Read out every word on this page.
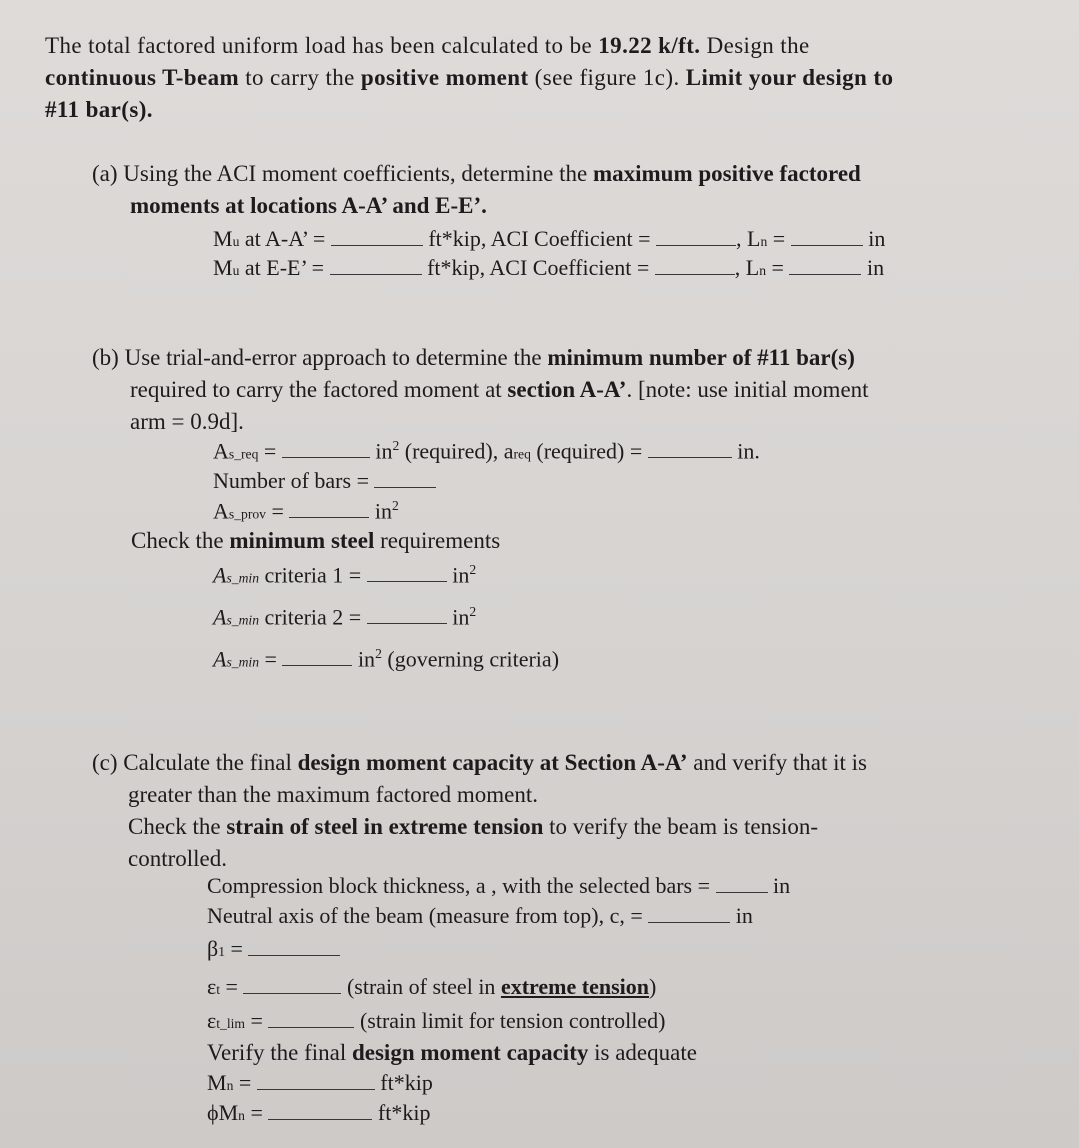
The total factored uniform load has been calculated to be 19.22 k/ft. Design the
continuous T-beam to carry the positive moment (see figure 1c). Limit your design to
#11 bar(s).
(a) Using the ACI moment coefficients, determine the maximum positive factored
moments at locations A-A’ and E-E’.
Mu at A-A’ =	ft*kip, ACI Coefficient =	, Ln =	in
Mu at E-E’ =	ft*kip, ACI Coefficient =	, Ln =	in
(b) Use trial-and-error approach to determine the minimum number of #11 bar(s)
required to carry the factored moment at section A-A’. [note: use initial moment
arm = 0.9d].
As_req =	$in^2$ (required), areq (required) =	in.
Number of bars =
As_prov =	$in^2$
Check the minimum steel requirements
As_min criteria 1 =	$in^2$
As_min criteria 2 =	$in^2$
As_min =	$in^2$ (governing criteria)
(c) Calculate the final design moment capacity at Section A-A’ and verify that it is
greater than the maximum factored moment.
Check the strain of steel in extreme tension to verify the beam is tension-
controlled.
Compression block thickness, a , with the selected bars =	in
Neutral axis of the beam (measure from top), c, =	in
β1 =
εt =	(strain of steel in extreme tension)
εt_lim =	(strain limit for tension controlled)
Verify the final design moment capacity is adequate
Mn =	ft*kip
ϕMn =	ft*kip
